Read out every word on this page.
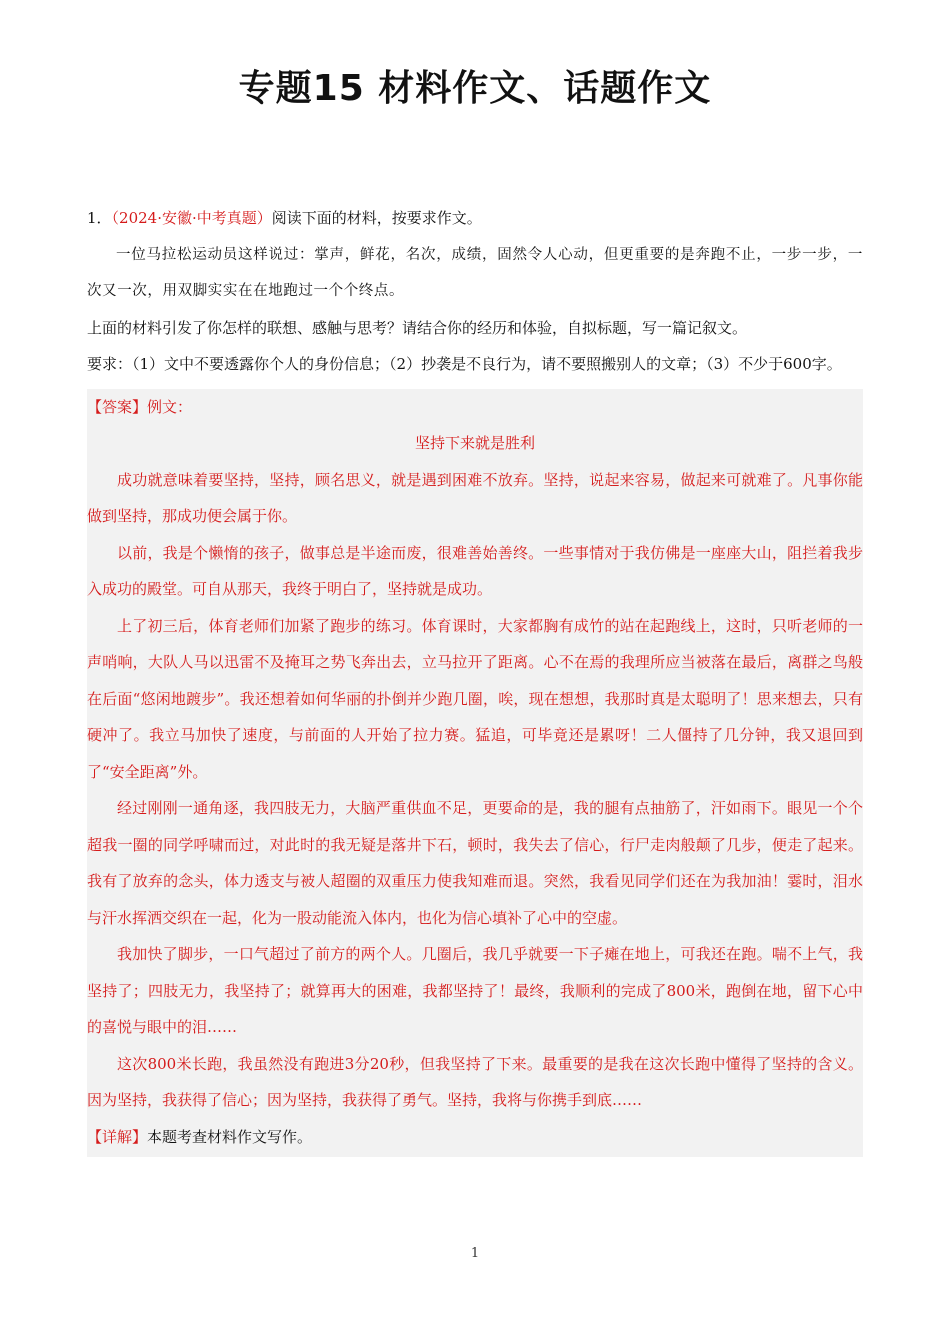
专题15 材料作文、话题作文

1．（2024·安徽·中考真题）阅读下面的材料，按要求作文。

一位马拉松运动员这样说过：掌声，鲜花，名次，成绩，固然令人心动，但更重要的是奔跑不止，一步一步，一次又一次，用双脚实实在在地跑过一个个终点。

上面的材料引发了你怎样的联想、感触与思考？请结合你的经历和体验，自拟标题，写一篇记叙文。

要求：（1）文中不要透露你个人的身份信息；（2）抄袭是不良行为，请不要照搬别人的文章；（3）不少于600字。

【答案】例文：

坚持下来就是胜利

成功就意味着要坚持，坚持，顾名思义，就是遇到困难不放弃。坚持，说起来容易，做起来可就难了。凡事你能做到坚持，那成功便会属于你。

以前，我是个懒惰的孩子，做事总是半途而废，很难善始善终。一些事情对于我仿佛是一座座大山，阻拦着我步入成功的殿堂。可自从那天，我终于明白了，坚持就是成功。

上了初三后，体育老师们加紧了跑步的练习。体育课时，大家都胸有成竹的站在起跑线上，这时，只听老师的一声哨响，大队人马以迅雷不及掩耳之势飞奔出去，立马拉开了距离。心不在焉的我理所应当被落在最后，离群之鸟般在后面“悠闲地踱步”。我还想着如何华丽的扑倒并少跑几圈，唉，现在想想，我那时真是太聪明了！思来想去，只有硬冲了。我立马加快了速度，与前面的人开始了拉力赛。猛追，可毕竟还是累呀！二人僵持了几分钟，我又退回到了“安全距离”外。

经过刚刚一通角逐，我四肢无力，大脑严重供血不足，更要命的是，我的腿有点抽筋了，汗如雨下。眼见一个个超我一圈的同学呼啸而过，对此时的我无疑是落井下石，顿时，我失去了信心，行尸走肉般颠了几步，便走了起来。我有了放弃的念头，体力透支与被人超圈的双重压力使我知难而退。突然，我看见同学们还在为我加油！霎时，泪水与汗水挥洒交织在一起，化为一股动能流入体内，也化为信心填补了心中的空虚。

我加快了脚步，一口气超过了前方的两个人。几圈后，我几乎就要一下子瘫在地上，可我还在跑。喘不上气，我坚持了；四肢无力，我坚持了；就算再大的困难，我都坚持了！最终，我顺利的完成了800米，跑倒在地，留下心中的喜悦与眼中的泪……

这次800米长跑，我虽然没有跑进3分20秒，但我坚持了下来。最重要的是我在这次长跑中懂得了坚持的含义。因为坚持，我获得了信心；因为坚持，我获得了勇气。坚持，我将与你携手到底……

【详解】本题考查材料作文写作。

1
